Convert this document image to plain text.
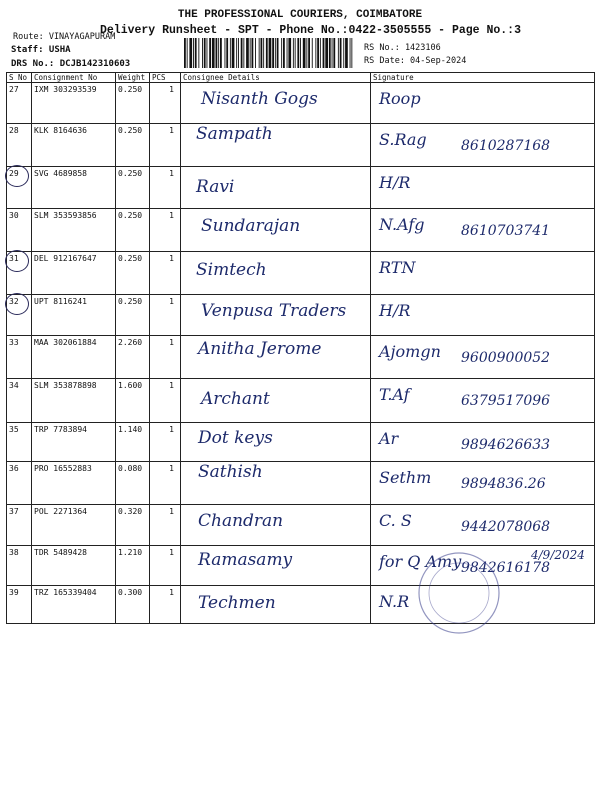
THE PROFESSIONAL COURIERS, COIMBATORE
Delivery Runsheet - SPT - Phone No.:0422-3505555 - Page No.:3
Route: VINAYAGAPURAM
Staff: USHA
DRS No.: DCJB142310603
RS No.: 1423106
RS Date: 04-Sep-2024
S No	Consignment No	Weight	PCS	Consignee Details	Signature
27	IXM 303293539	0.250	1	Nisanth Gogs	Roop

28	KLK 8164636	0.250	1	Sampath	S.Rag 8610287168

29	SVG 4689858	0.250	1	Ravi	H/R

30	SLM 353593856	0.250	1	Sundarajan	N.Afg 8610703741

31	DEL 912167647	0.250	1	Simtech	RTN

32	UPT 8116241	0.250	1	Venpusa Traders	H/R

33	MAA 302061884	2.260	1	Anitha Jerome	Ajomgn 9600900052

34	SLM 353878898	1.600	1	Archant	T.Af 6379517096

35	TRP 7783894	1.140	1	Dot keys	Ar 9894626633

36	PRO 16552883	0.080	1	Sathish	Sethm 9894836.26

37	POL 2271364	0.320	1	Chandran	C. S 9442078068

38	TDR 5489428	1.210	1	Ramasamy	for Q Amy 9842616178
4/9/2024

39	TRZ 165339404	0.300	1	Techmen	N.R
